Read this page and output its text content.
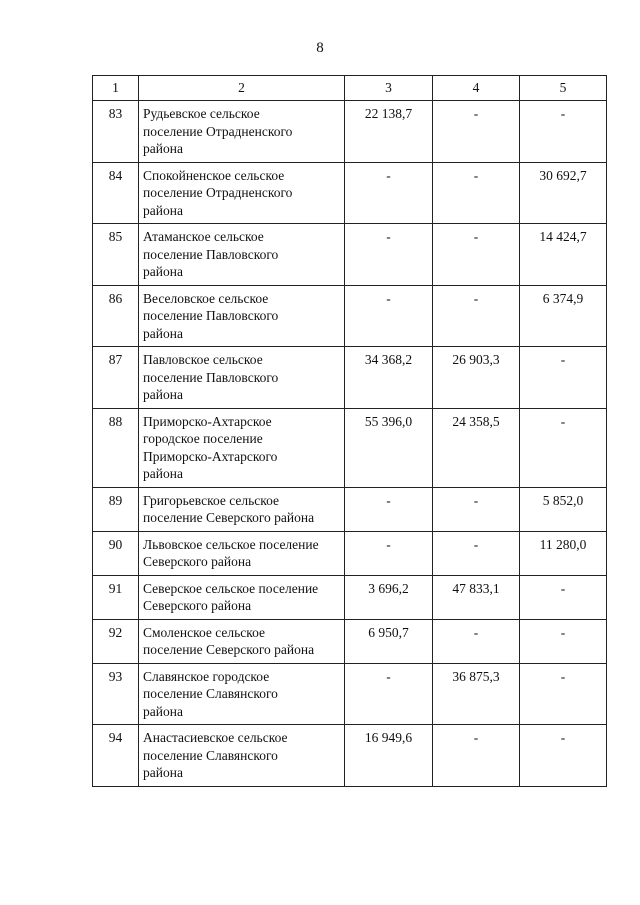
8
1	2	3	4	5
83	Рудьевское сельское
поселение Отрадненского
района	22 138,7	-	-
84	Спокойненское сельское
поселение Отрадненского
района	-	-	30 692,7
85	Атаманское сельское
поселение Павловского
района	-	-	14 424,7
86	Веселовское сельское
поселение Павловского
района	-	-	6 374,9
87	Павловское сельское
поселение Павловского
района	34 368,2	26 903,3	-
88	Приморско-Ахтарское
городское поселение
Приморско-Ахтарского
района	55 396,0	24 358,5	-
89	Григорьевское сельское
поселение Северского района	-	-	5 852,0
90	Львовское сельское поселение
Северского района	-	-	11 280,0
91	Северское сельское поселение
Северского района	3 696,2	47 833,1	-
92	Смоленское сельское
поселение Северского района	6 950,7	-	-
93	Славянское городское
поселение Славянского
района	-	36 875,3	-
94	Анастасиевское сельское
поселение Славянского
района	16 949,6	-	-
